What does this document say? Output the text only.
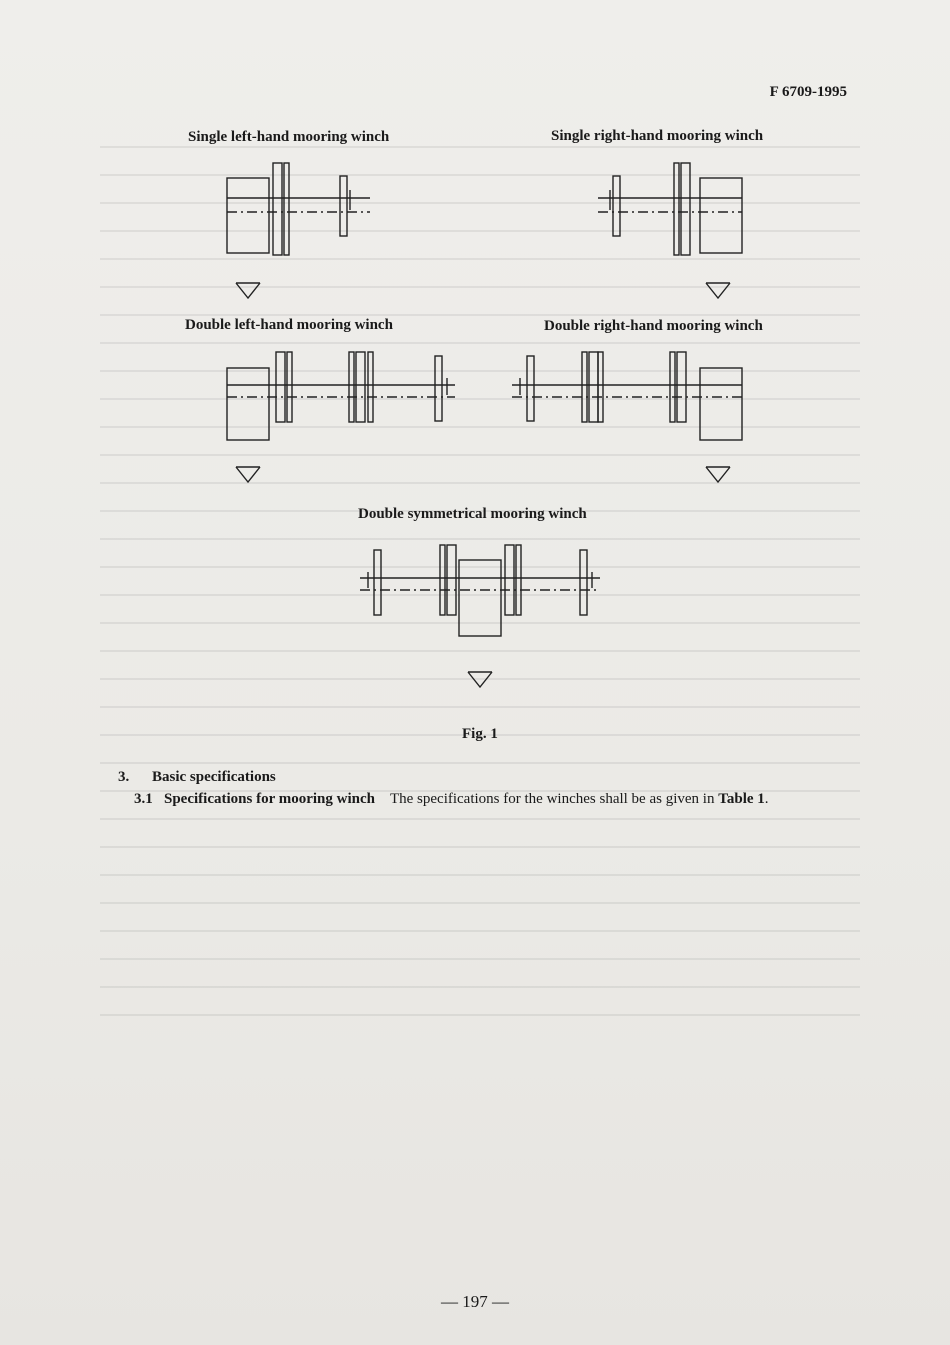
F 6709-1995
Single left-hand mooring winch	Single right-hand mooring winch
Double left-hand mooring winch	Double right-hand mooring winch
Double symmetrical mooring winch
Fig. 1
3. Basic specifications
3.1 Specifications for mooring winch The specifications for the winches shall be as given in Table 1.
— 197 —
